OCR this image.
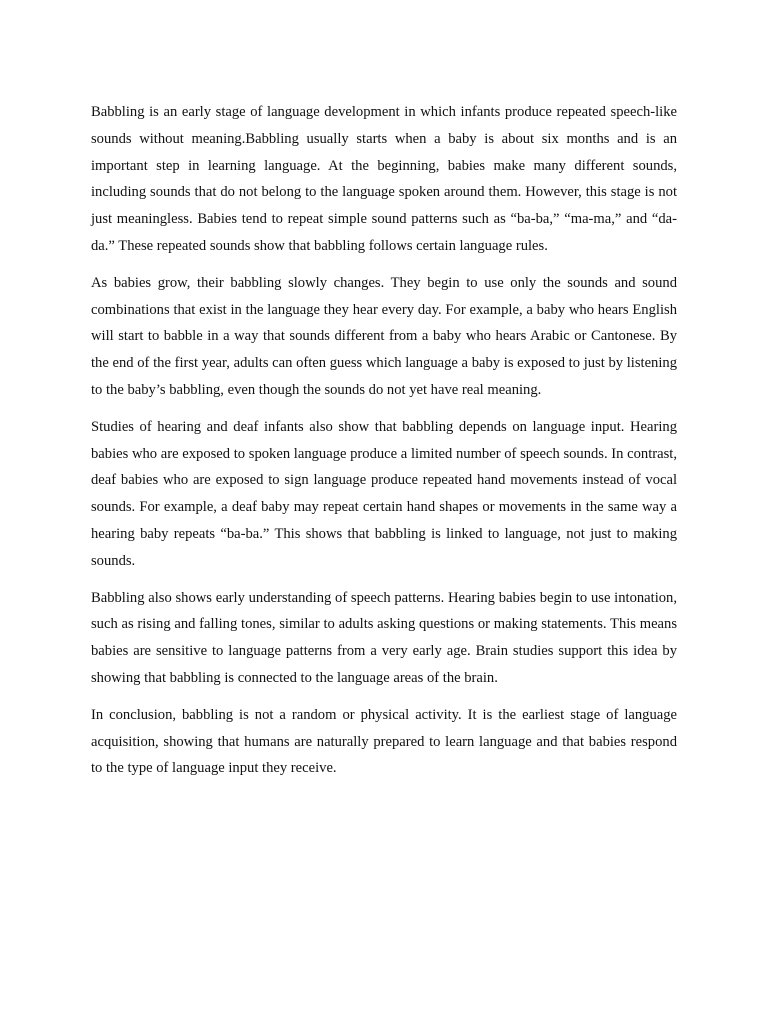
Babbling is an early stage of language development in which infants produce repeated speech-like sounds without meaning.Babbling usually starts when a baby is about six months and is an important step in learning language. At the beginning, babies make many different sounds, including sounds that do not belong to the language spoken around them. However, this stage is not just meaningless. Babies tend to repeat simple sound patterns such as “ba-ba,” “ma-ma,” and “da-da.” These repeated sounds show that babbling follows certain language rules.

As babies grow, their babbling slowly changes. They begin to use only the sounds and sound combinations that exist in the language they hear every day. For example, a baby who hears English will start to babble in a way that sounds different from a baby who hears Arabic or Cantonese. By the end of the first year, adults can often guess which language a baby is exposed to just by listening to the baby’s babbling, even though the sounds do not yet have real meaning.

Studies of hearing and deaf infants also show that babbling depends on language input. Hearing babies who are exposed to spoken language produce a limited number of speech sounds. In contrast, deaf babies who are exposed to sign language produce repeated hand movements instead of vocal sounds. For example, a deaf baby may repeat certain hand shapes or movements in the same way a hearing baby repeats “ba-ba.” This shows that babbling is linked to language, not just to making sounds.

Babbling also shows early understanding of speech patterns. Hearing babies begin to use intonation, such as rising and falling tones, similar to adults asking questions or making statements. This means babies are sensitive to language patterns from a very early age. Brain studies support this idea by showing that babbling is connected to the language areas of the brain.

In conclusion, babbling is not a random or physical activity. It is the earliest stage of language acquisition, showing that humans are naturally prepared to learn language and that babies respond to the type of language input they receive.
